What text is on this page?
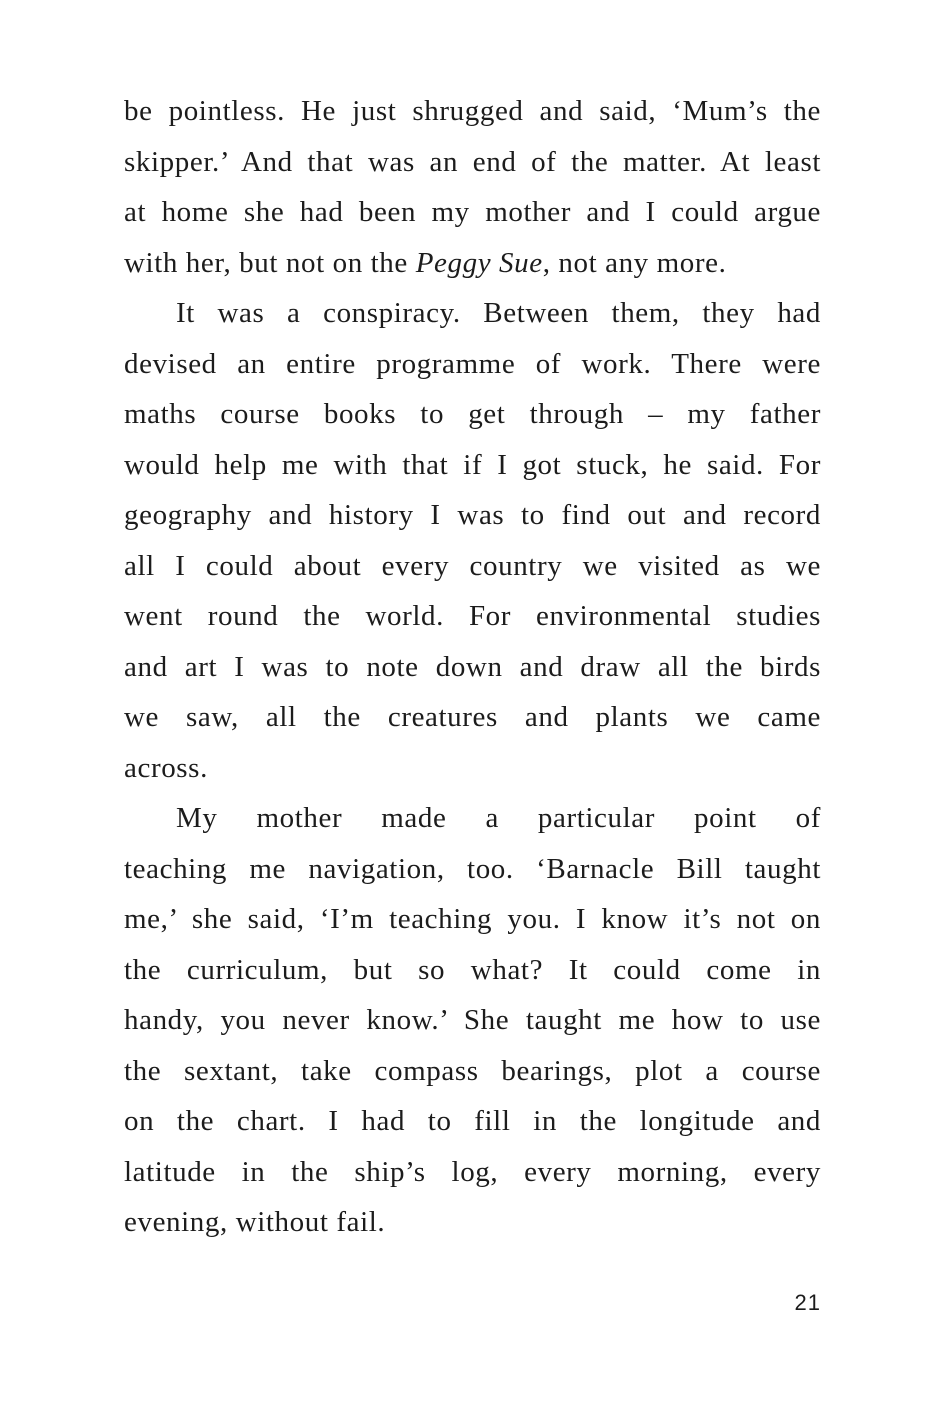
be pointless. He just shrugged and said, ‘Mum’s the
skipper.’ And that was an end of the matter. At least
at home she had been my mother and I could argue
with her, but not on the Peggy Sue, not any more.
It was a conspiracy. Between them, they had
devised an entire programme of work. There were
maths course books to get through – my father
would help me with that if I got stuck, he said. For
geography and history I was to find out and record
all I could about every country we visited as we
went round the world. For environmental studies
and art I was to note down and draw all the birds
we saw, all the creatures and plants we came
across.
My mother made a particular point of
teaching me navigation, too. ‘Barnacle Bill taught
me,’ she said, ‘I’m teaching you. I know it’s not on
the curriculum, but so what? It could come in
handy, you never know.’ She taught me how to use
the sextant, take compass bearings, plot a course
on the chart. I had to fill in the longitude and
latitude in the ship’s log, every morning, every
evening, without fail.
21
